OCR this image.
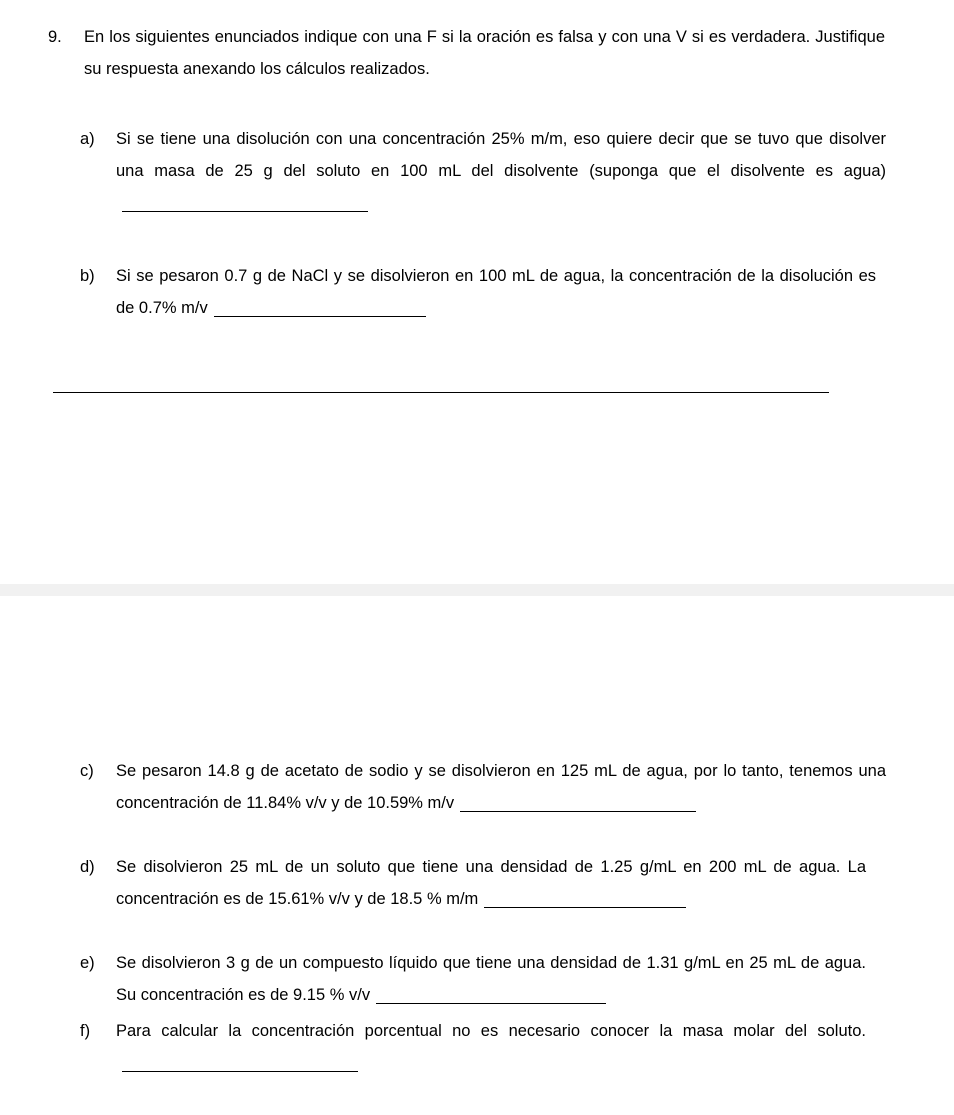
9. En los siguientes enunciados indique con una F si la oración es falsa y con una V si es verdadera. Justifique su respuesta anexando los cálculos realizados.
a) Si se tiene una disolución con una concentración 25% m/m, eso quiere decir que se tuvo que disolver una masa de 25 g del soluto en 100 mL del disolvente (suponga que el disolvente es agua)
b) Si se pesaron 0.7 g de NaCl y se disolvieron en 100 mL de agua, la concentración de la disolución es de 0.7% m/v
c) Se pesaron 14.8 g de acetato de sodio y se disolvieron en 125 mL de agua, por lo tanto, tenemos una concentración de 11.84% v/v y de 10.59% m/v
d) Se disolvieron 25 mL de un soluto que tiene una densidad de 1.25 g/mL en 200 mL de agua. La concentración es de 15.61% v/v y de 18.5 % m/m
e) Se disolvieron 3 g de un compuesto líquido que tiene una densidad de 1.31 g/mL en 25 mL de agua. Su concentración es de 9.15 % v/v
f) Para calcular la concentración porcentual no es necesario conocer la masa molar del soluto.
